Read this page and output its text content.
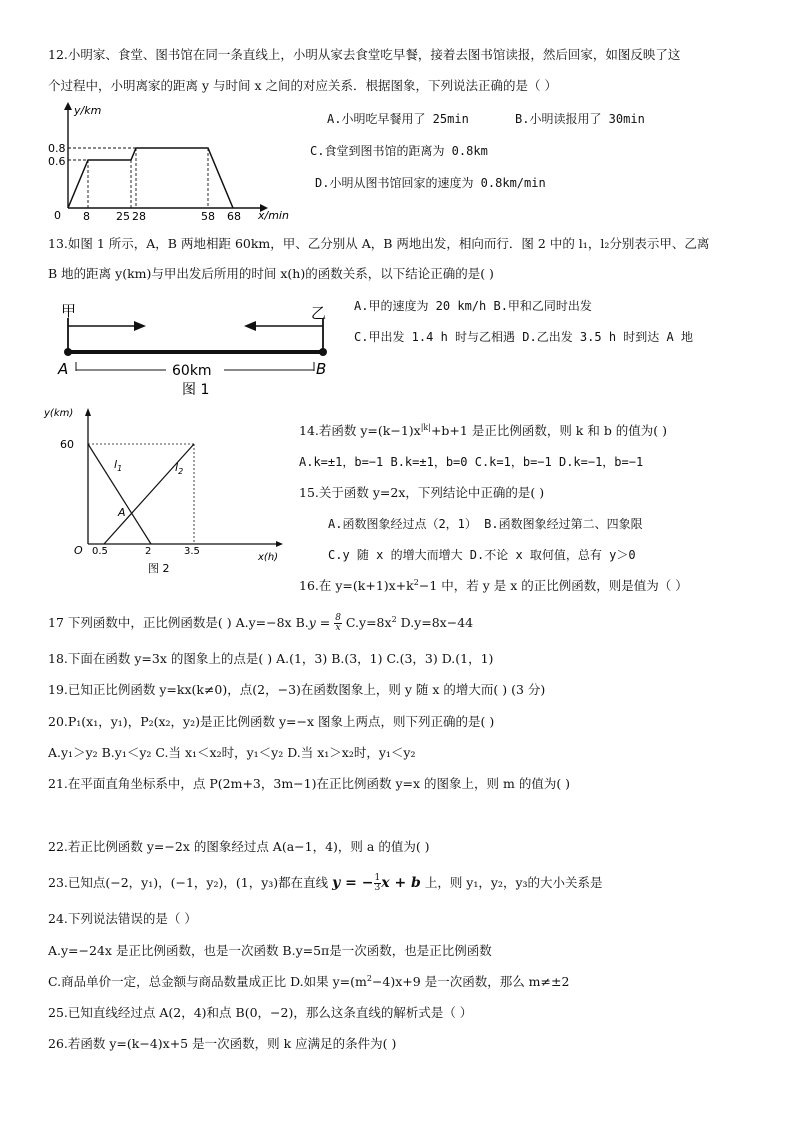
12.小明家、食堂、图书馆在同一条直线上，小明从家去食堂吃早餐，接着去图书馆读报，然后回家，如图反映了这
个过程中，小明离家的距离 y 与时间 x 之间的对应关系．根据图象，下列说法正确的是（ ）
y/km
x/min
0
0.8
0.6
8 25 28	58 68
A.小明吃早餐用了 25min	B.小明读报用了 30min
C.食堂到图书馆的距离为 0.8km
D.小明从图书馆回家的速度为 0.8km/min
13.如图 1 所示，A，B 两地相距 60km，甲、乙分别从 A，B 两地出发，相向而行．图 2 中的 l₁，l₂分别表示甲、乙离
B 地的距离 y(km)与甲出发后所用的时间 x(h)的函数关系，以下结论正确的是( )
甲	乙
A	B
60km
图 1
A.甲的速度为 20 km/h B.甲和乙同时出发
C.甲出发 1.4 h 时与乙相遇 D.乙出发 3.5 h 时到达 A 地
y(km)
x(h)
O
60
$l_1$	$l_2$
A
0.5	2	3.5
图 2
14.若函数 $y=(k-1)x^{|k|}+b+1$ 是正比例函数，则 k 和 b 的值为( )
A.k=±1，b=−1 B.k=±1，b=0 C.k=1，b=−1 D.k=−1，b=−1
15.关于函数 y=2x，下列结论中正确的是( )
A.函数图象经过点（2，1） B.函数图象经过第二、四象限
C.y 随 x 的增大而增大 D.不论 x 取何值，总有 y＞0
16.在 $y=(k+1)x+k^2-1$ 中，若 y 是 x 的正比例函数，则是值为（ ）
17 下列函数中，正比例函数是( ) A.y=−8x $B.y = \frac{8}{x} C.y=8x^2$ D.y=8x−44
18.下面在函数 y=3x 的图象上的点是( ) A.(1，3) B.(3，1) C.(3，3) D.(1，1)
19.已知正比例函数 y=kx(k≠0)，点(2，−3)在函数图象上，则 y 随 x 的增大而( ) (3 分)
20.P₁(x₁，y₁)，P₂(x₂，y₂)是正比例函数 y=−x 图象上两点，则下列正确的是( )
A.y₁＞y₂ B.y₁＜y₂ C.当 x₁＜x₂时，y₁＜y₂ D.当 x₁＞x₂时，y₁＜y₂
21.在平面直角坐标系中，点 P(2m+3，3m−1)在正比例函数 y=x 的图象上，则 m 的值为( )
22.若正比例函数 y=−2x 的图象经过点 A(a−1，4)，则 a 的值为( )
23.已知点(−2，y₁)，(−1，y₂)，(1，y₃)都在直线 y = − $\frac{1}{3}$ x + b 上，则 y₁，y₂，y₃的大小关系是
24.下列说法错误的是（ ）
A.y=−24x 是正比例函数，也是一次函数 B.y=5π是一次函数，也是正比例函数
C.商品单价一定，总金额与商品数量成正比 D.如果 $y=(m^2-4)x+9$ 是一次函数，那么 m≠±2
25.已知直线经过点 A(2，4)和点 B(0，−2)，那么这条直线的解析式是（ ）
26.若函数 y=(k−4)x+5 是一次函数，则 k 应满足的条件为( )
